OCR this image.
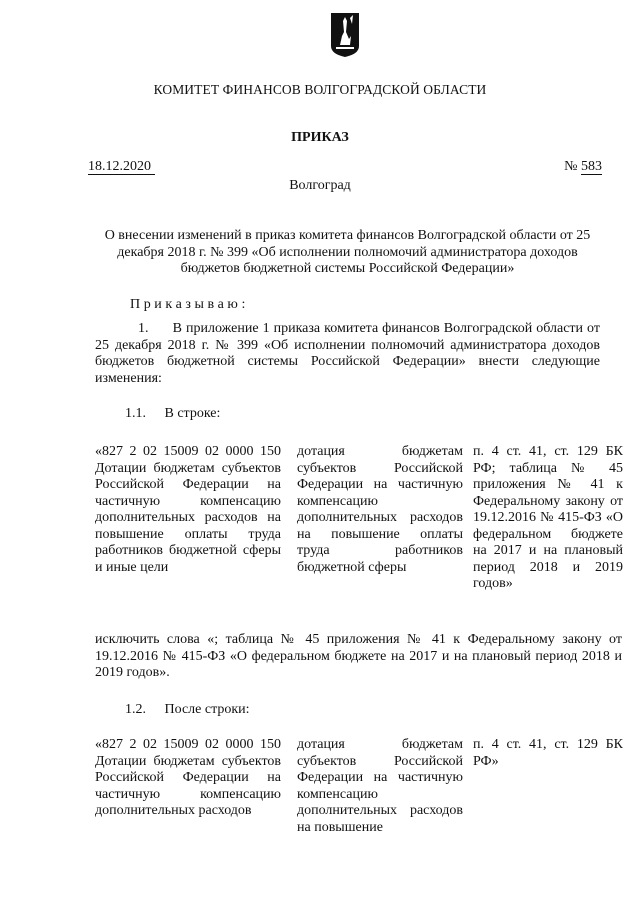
КОМИТЕТ ФИНАНСОВ ВОЛГОГРАДСКОЙ ОБЛАСТИ
ПРИКАЗ
18.12.2020	№ 583
Волгоград
О внесении изменений в приказ комитета финансов Волгоградской области от 25 декабря 2018 г. № 399 «Об исполнении полномочий администратора доходов бюджетов бюджетной системы Российской Федерации»
Приказываю:
1.      В приложение 1 приказа комитета финансов Волгоградской области от 25 декабря 2018 г. № 399 «Об исполнении полномочий администратора доходов бюджетов бюджетной системы Российской Федерации» внести следующие изменения:
1.1. В строке:
«827 2 02 15009 02 0000 150 Дотации бюджетам субъектов Российской Федерации на частичную компенсацию дополнительных расходов на повышение оплаты труда работников бюджетной сферы и иные цели
дотация бюджетам субъектов Российской Федерации на частичную компенсацию дополнительных расходов на повышение оплаты труда работников бюджетной сферы
п. 4 ст. 41, ст. 129 БК РФ; таблица № 45 приложения № 41 к Федеральному закону от 19.12.2016 № 415-ФЗ «О федеральном бюджете на 2017 и на плановый период 2018 и 2019 годов»
исключить слова «; таблица № 45 приложения № 41 к Федеральному закону от 19.12.2016 № 415-ФЗ «О федеральном бюджете на 2017 и на плановый период 2018 и 2019 годов».
1.2. После строки:
«827 2 02 15009 02 0000 150 Дотации бюджетам субъектов Российской Федерации на частичную компенсацию дополнительных расходов
дотация бюджетам субъектов Российской Федерации на частичную компенсацию дополнительных расходов на повышение
п. 4 ст. 41, ст. 129 БК РФ»
